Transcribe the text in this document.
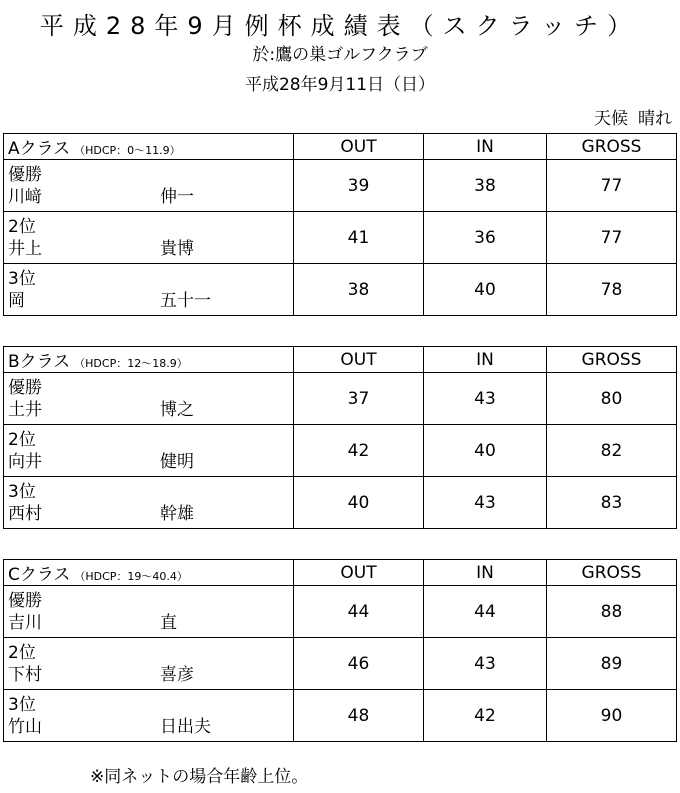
平成28年9月例杯成績表（スクラッチ）
於:鷹の巣ゴルフクラブ
平成28年9月11日（日）
天候 晴れ
Aクラス （HDCP：0〜11.9）	OUT	IN	GROSS

優勝
川﨑 伸一	39	38	77

2位
井上 貴博	41	36	77

3位
岡 五十一	38	40	78
Bクラス （HDCP：12〜18.9）	OUT	IN	GROSS

優勝
土井 博之	37	43	80

2位
向井 健明	42	40	82

3位
西村 幹雄	40	43	83
Cクラス （HDCP：19〜40.4）	OUT	IN	GROSS

優勝
吉川 直	44	44	88

2位
下村 喜彦	46	43	89

3位
竹山 日出夫	48	42	90
※同ネットの場合年齢上位。
